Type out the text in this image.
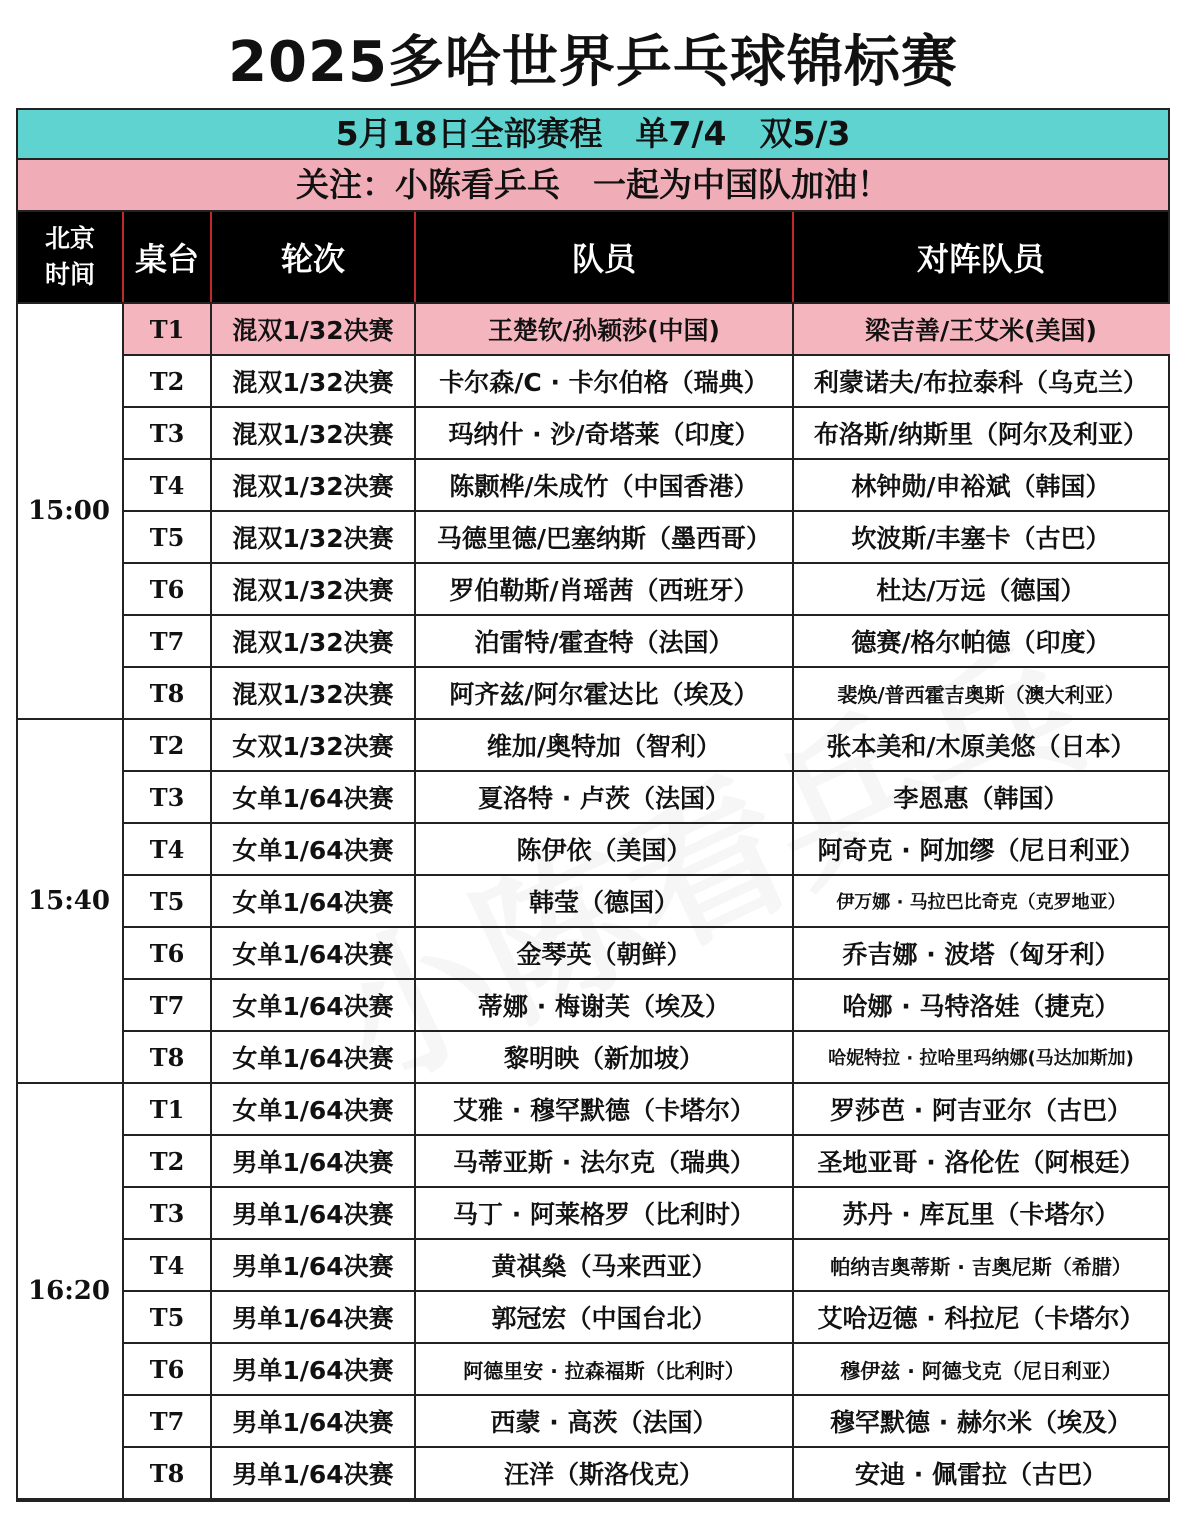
2025多哈世界乒乓球锦标赛
5月18日全部赛程　单7/4　双5/3
关注：小陈看乒乓　一起为中国队加油！
北京
时间	桌台	轮次	队员	对阵队员
15:00
T1	混双1/32决赛	王楚钦/孙颖莎(中国)	梁吉善/王艾米(美国)
T2	混双1/32决赛	卡尔森/C · 卡尔伯格（瑞典）	利蒙诺夫/布拉泰科（乌克兰）
T3	混双1/32决赛	玛纳什 · 沙/奇塔莱（印度）	布洛斯/纳斯里（阿尔及利亚）
T4	混双1/32决赛	陈颢桦/朱成竹（中国香港）	林钟勋/申裕斌（韩国）
T5	混双1/32决赛	马德里德/巴塞纳斯（墨西哥）	坎波斯/丰塞卡（古巴）
T6	混双1/32决赛	罗伯勒斯/肖瑶茜（西班牙）	杜达/万远（德国）
T7	混双1/32决赛	泊雷特/霍查特（法国）	德赛/格尔帕德（印度）
T8	混双1/32决赛	阿齐兹/阿尔霍达比（埃及）	裴焕/普西霍吉奥斯（澳大利亚）
15:40
T2	女双1/32决赛	维加/奥特加（智利）	张本美和/木原美悠（日本）
T3	女单1/64决赛	夏洛特 · 卢茨（法国）	李恩惠（韩国）
T4	女单1/64决赛	陈伊依（美国）	阿奇克 · 阿加缪（尼日利亚）
T5	女单1/64决赛	韩莹（德国）	伊万娜 · 马拉巴比奇克（克罗地亚）
T6	女单1/64决赛	金琴英（朝鲜）	乔吉娜 · 波塔（匈牙利）
T7	女单1/64决赛	蒂娜 · 梅谢芙（埃及）	哈娜 · 马特洛娃（捷克）
T8	女单1/64决赛	黎明映（新加坡）	哈妮特拉 · 拉哈里玛纳娜(马达加斯加)
16:20
T1	女单1/64决赛	艾雅 · 穆罕默德（卡塔尔）	罗莎芭 · 阿吉亚尔（古巴）
T2	男单1/64决赛	马蒂亚斯 · 法尔克（瑞典）	圣地亚哥 · 洛伦佐（阿根廷）
T3	男单1/64决赛	马丁 · 阿莱格罗（比利时）	苏丹 · 库瓦里（卡塔尔）
T4	男单1/64决赛	黄祺燊（马来西亚）	帕纳吉奥蒂斯 · 吉奥尼斯（希腊）
T5	男单1/64决赛	郭冠宏（中国台北）	艾哈迈德 · 科拉尼（卡塔尔）
T6	男单1/64决赛	阿德里安 · 拉森福斯（比利时）	穆伊兹 · 阿德戈克（尼日利亚）
T7	男单1/64决赛	西蒙 · 高茨（法国）	穆罕默德 · 赫尔米（埃及）
T8	男单1/64决赛	汪洋（斯洛伐克）	安迪 · 佩雷拉（古巴）
